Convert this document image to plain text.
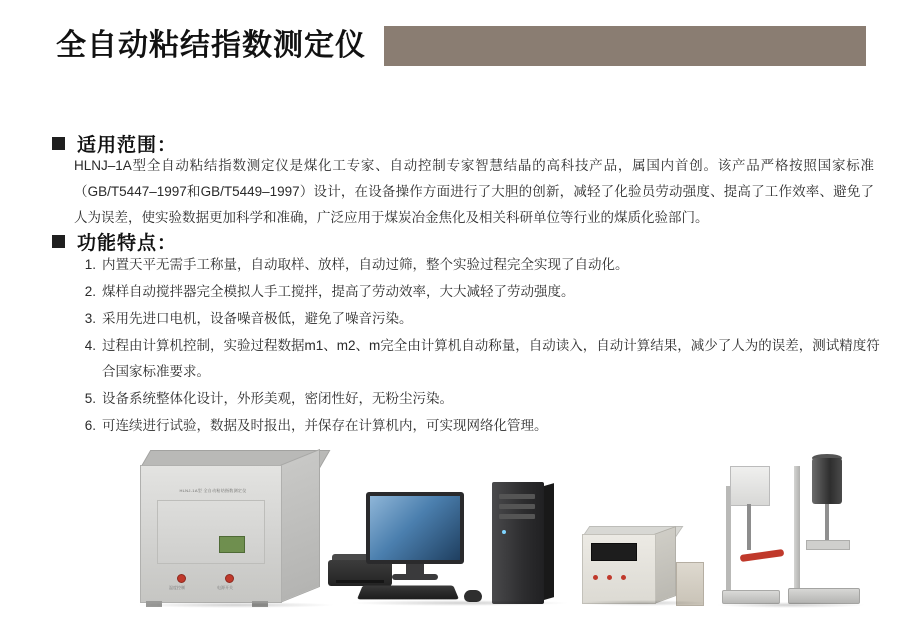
全自动粘结指数测定仪
适用范围：
HLNJ–1A型全自动粘结指数测定仪是煤化工专家、自动控制专家智慧结晶的高科技产品，属国内首创。该产品严格按照国家标准（GB/T5447–1997和GB/T5449–1997）设计，在设备操作方面进行了大胆的创新，减轻了化验员劳动强度、提高了工作效率、避免了人为误差，使实验数据更加科学和准确，广泛应用于煤炭冶金焦化及相关科研单位等行业的煤质化验部门。
功能特点：
1. 内置天平无需手工称量，自动取样、放样，自动过筛，整个实验过程完全实现了自动化。
2. 煤样自动搅拌器完全模拟人手工搅拌，提高了劳动效率，大大减轻了劳动强度。
3. 采用先进口电机，设备噪音极低，避免了噪音污染。
4. 过程由计算机控制，实验过程数据m1、m2、m完全由计算机自动称量，自动读入，自动计算结果，减少了人为的误差，测试精度符合国家标准要求。
5. 设备系统整体化设计，外形美观，密闭性好，无粉尘污染。
6. 可连续进行试验，数据及时报出，并保存在计算机内，可实现网络化管理。
HLNJ-1A型 全自动粘结指数测定仪
温度控制	电源开关
